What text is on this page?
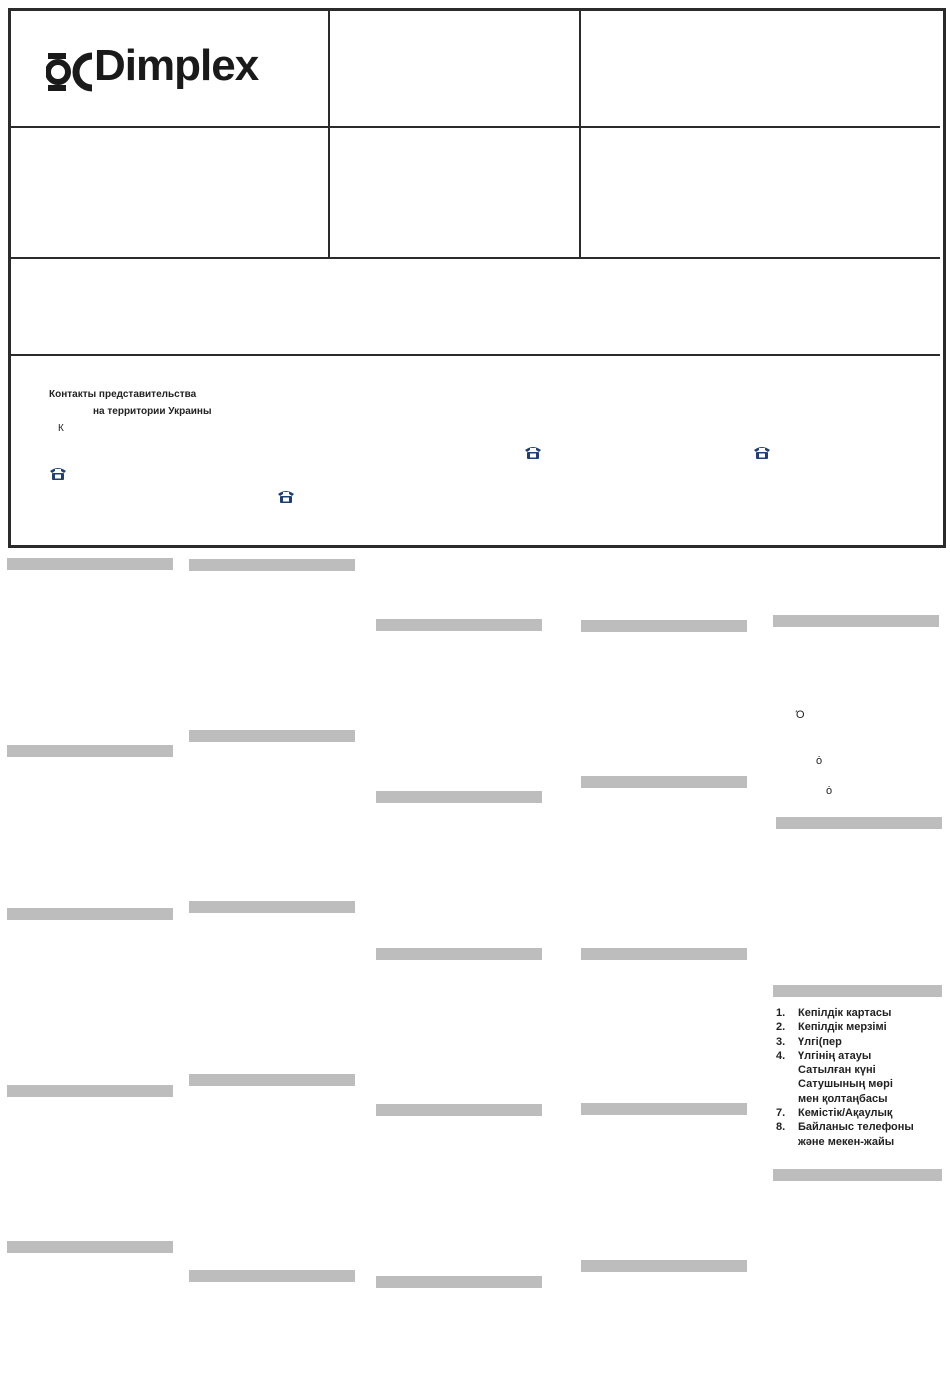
Dimplex
Контакты представительства
на территории Украины
К
Ό
ȯ
ȯ
1.	Кепілдік картасы
2.	Кепілдік мерзімі
3.	Үлгі(пер
4.	Үлгінің атауы
Сатылған күні
Сатушының мөрі
мен қолтаңбасы
7.	Кемістік/Ақаулық
8.	Байланыс телефоны
және мекен-жайы
